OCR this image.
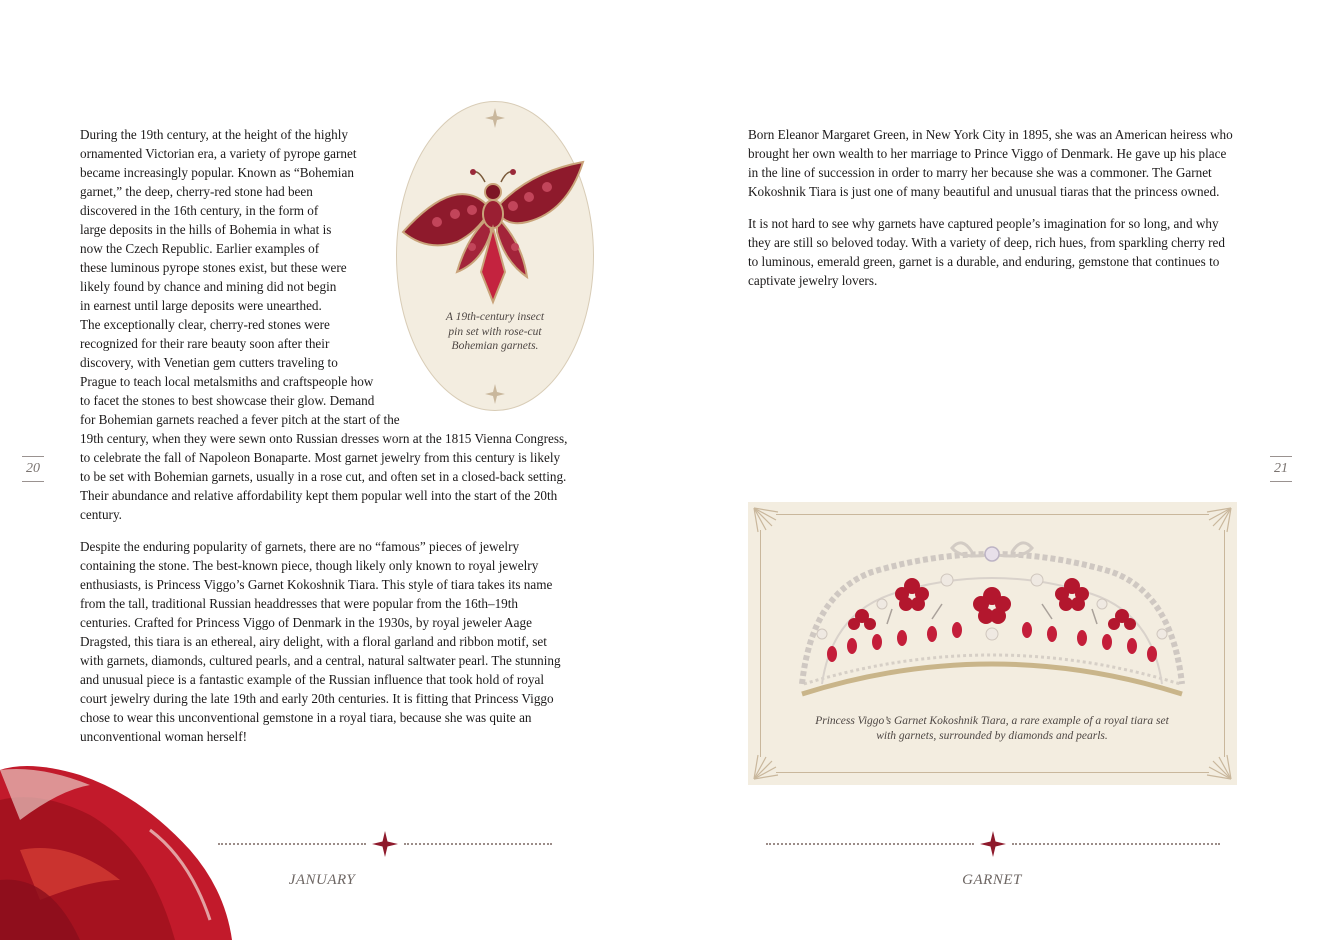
A 19th-century insect pin set with rose-cut Bohemian garnets.
During the 19th century, at the height of the highly
ornamented Victorian era, a variety of pyrope garnet
became increasingly popular. Known as “Bohemian
garnet,” the deep, cherry-red stone had been
discovered in the 16th century, in the form of
large deposits in the hills of Bohemia in what is
now the Czech Republic. Earlier examples of
these luminous pyrope stones exist, but these were
likely found by chance and mining did not begin
in earnest until large deposits were unearthed.
The exceptionally clear, cherry-red stones were
recognized for their rare beauty soon after their
discovery, with Venetian gem cutters traveling to
Prague to teach local metalsmiths and craftspeople how
to facet the stones to best showcase their glow. Demand
for Bohemian garnets reached a fever pitch at the start of the

19th century, when they were sewn onto Russian dresses worn at the 1815 Vienna Congress, to celebrate the fall of Napoleon Bonaparte. Most garnet jewelry from this century is likely to be set with Bohemian garnets, usually in a rose cut, and often set in a closed-back setting. Their abundance and relative affordability kept them popular well into the start of the 20th century.

Despite the enduring popularity of garnets, there are no “famous” pieces of jewelry containing the stone. The best-known piece, though likely only known to royal jewelry enthusiasts, is Princess Viggo’s Garnet Kokoshnik Tiara. This style of tiara takes its name from the tall, traditional Russian headdresses that were popular from the 16th–19th centuries. Crafted for Princess Viggo of Denmark in the 1930s, by royal jeweler Aage Dragsted, this tiara is an ethereal, airy delight, with a floral garland and ribbon motif, set with garnets, diamonds, cultured pearls, and a central, natural saltwater pearl. The stunning and unusual piece is a fantastic example of the Russian influence that took hold of royal court jewelry during the late 19th and early 20th centuries. It is fitting that Princess Viggo chose to wear this unconventional gemstone in a royal tiara, because she was quite an unconventional woman herself!

20
JANUARY

Born Eleanor Margaret Green, in New York City in 1895, she was an American heiress who brought her own wealth to her marriage to Prince Viggo of Denmark. He gave up his place in the line of succession in order to marry her because she was a commoner. The Garnet Kokoshnik Tiara is just one of many beautiful and unusual tiaras that the princess owned.

It is not hard to see why garnets have captured people’s imagination for so long, and why they are still so beloved today. With a variety of deep, rich hues, from sparkling cherry red to luminous, emerald green, garnet is a durable, and enduring, gemstone that continues to captivate jewelry lovers.

21
Princess Viggo’s Garnet Kokoshnik Tiara, a rare example of a royal tiara set with garnets, surrounded by diamonds and pearls.
GARNET
